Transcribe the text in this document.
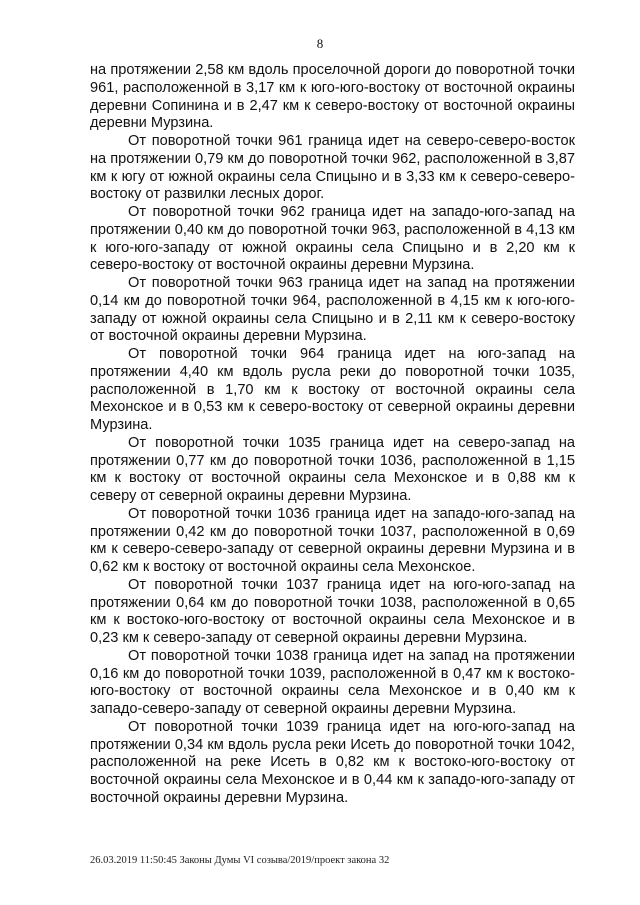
8

на протяжении 2,58 км вдоль проселочной дороги до поворотной точки 961, расположенной в 3,17 км к юго-юго-востоку от восточной окраины деревни Сопинина и в 2,47 км к северо-востоку от восточной окраины деревни Мурзина.

От поворотной точки 961 граница идет на северо-северо-восток на протяжении 0,79 км до поворотной точки 962, расположенной в 3,87 км к югу от южной окраины села Спицыно и в 3,33 км к северо-северо-востоку от развилки лесных дорог.

От поворотной точки 962 граница идет на западо-юго-запад на протяжении 0,40 км до поворотной точки 963, расположенной в 4,13 км к юго-юго-западу от южной окраины села Спицыно и в 2,20 км к северо-востоку от восточной окраины деревни Мурзина.

От поворотной точки 963 граница идет на запад на протяжении 0,14 км до поворотной точки 964, расположенной в 4,15 км к юго-юго-западу от южной окраины села Спицыно и в 2,11 км к северо-востоку от восточной окраины деревни Мурзина.

От поворотной точки 964 граница идет на юго-запад на протяжении 4,40 км вдоль русла реки до поворотной точки 1035, расположенной в 1,70 км к востоку от восточной окраины села Мехонское и в 0,53 км к северо-востоку от северной окраины деревни Мурзина.

От поворотной точки 1035 граница идет на северо-запад на протяжении 0,77 км до поворотной точки 1036, расположенной в 1,15 км к востоку от восточной окраины села Мехонское и в 0,88 км к северу от северной окраины деревни Мурзина.

От поворотной точки 1036 граница идет на западо-юго-запад на протяжении 0,42 км до поворотной точки 1037, расположенной в 0,69 км к северо-северо-западу от северной окраины деревни Мурзина и в 0,62 км к востоку от восточной окраины села Мехонское.

От поворотной точки 1037 граница идет на юго-юго-запад на протяжении 0,64 км до поворотной точки 1038, расположенной в 0,65 км к востоко-юго-востоку от восточной окраины села Мехонское и в 0,23 км к северо-западу от северной окраины деревни Мурзина.

От поворотной точки 1038 граница идет на запад на протяжении 0,16 км до поворотной точки 1039, расположенной в 0,47 км к востоко-юго-востоку от восточной окраины села Мехонское и в 0,40 км к западо-северо-западу от северной окраины деревни Мурзина.

От поворотной точки 1039 граница идет на юго-юго-запад на протяжении 0,34 км вдоль русла реки Исеть до поворотной точки 1042, расположенной на реке Исеть в 0,82 км к востоко-юго-востоку от восточной окраины села Мехонское и в 0,44 км к западо-юго-западу от восточной окраины деревни Мурзина.

26.03.2019 11:50:45 Законы Думы VI созыва/2019/проект закона 32
